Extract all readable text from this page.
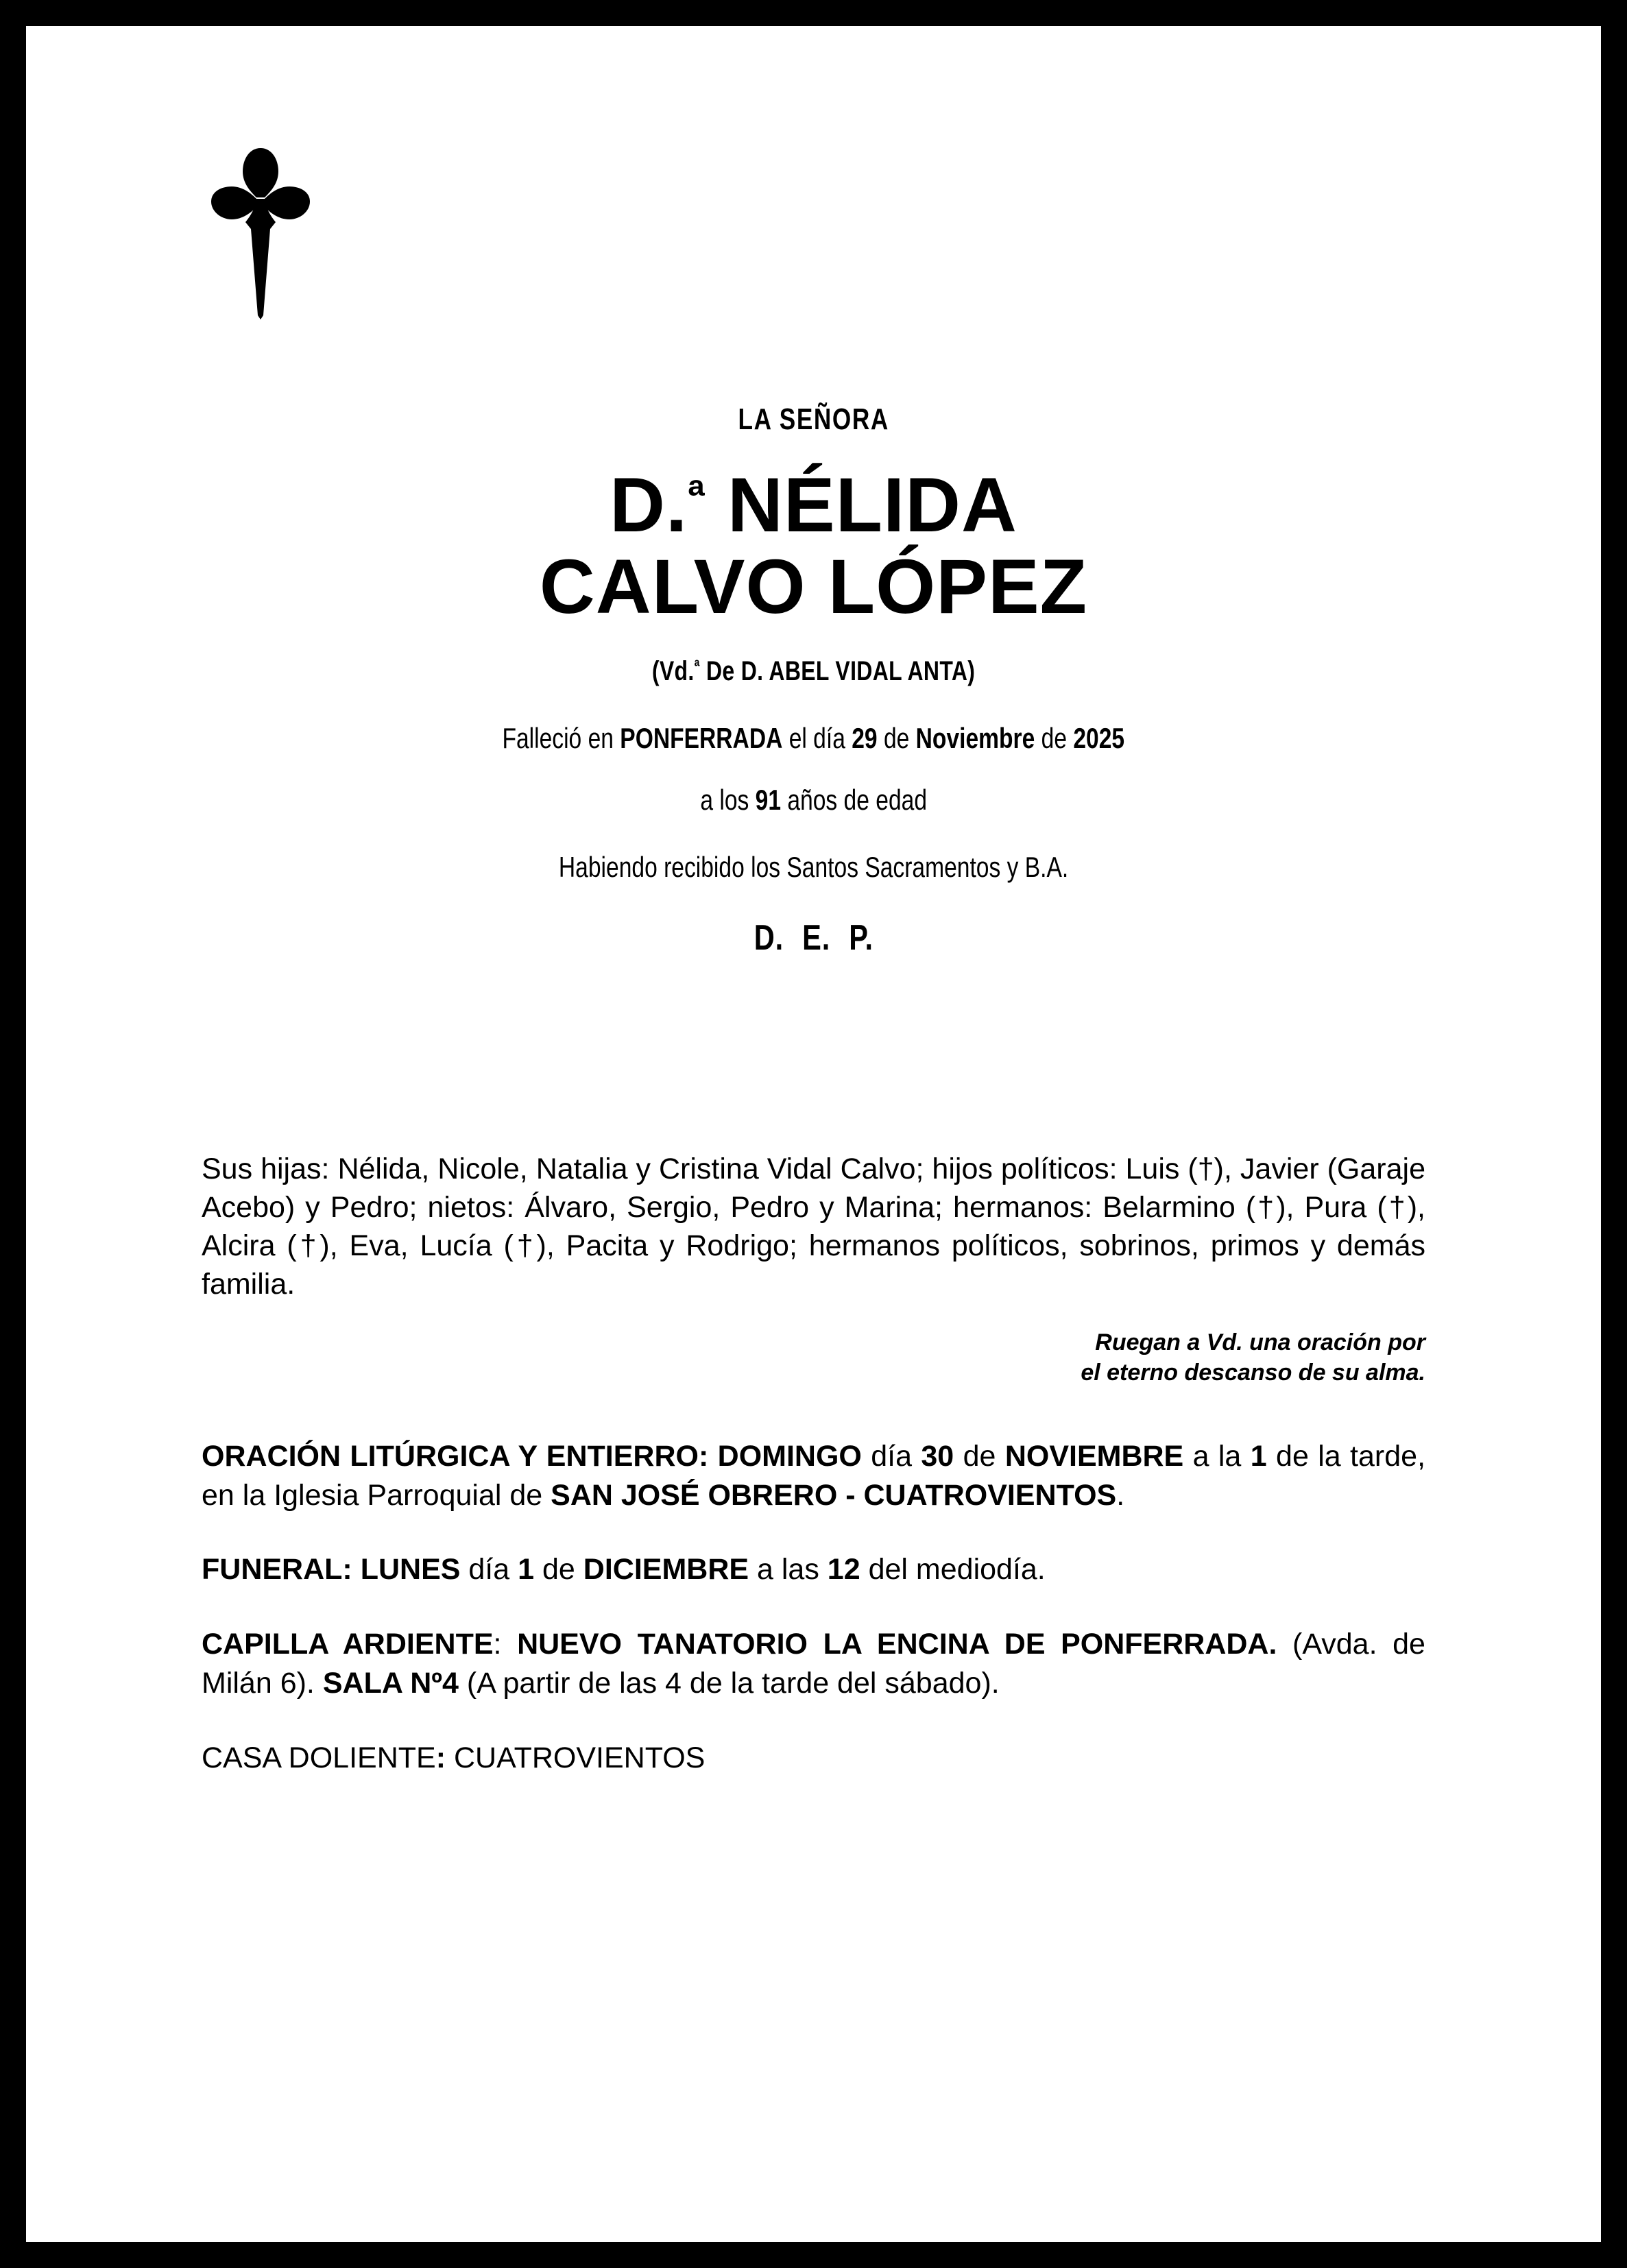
LA SEÑORA
D.$^ª$ NÉLIDA
CALVO LÓPEZ
(Vd.$^ª$ De D. ABEL VIDAL ANTA)
Falleció en PONFERRADA el día 29 de Noviembre de 2025
a los 91 años de edad
Habiendo recibido los Santos Sacramentos y B.A.
D. E. P.
Sus hijas: Nélida, Nicole, Natalia y Cristina Vidal Calvo; hijos políticos: Luis (†), Javier (Garaje Acebo) y Pedro; nietos: Álvaro, Sergio, Pedro y Marina; hermanos: Belarmino (†), Pura (†), Alcira (†), Eva, Lucía (†), Pacita y Rodrigo; hermanos políticos, sobrinos, primos y demás familia.
Ruegan a Vd. una oración por
el eterno descanso de su alma.
ORACIÓN LITÚRGICA Y ENTIERRO: DOMINGO día 30 de NOVIEMBRE a la 1 de la tarde, en la Iglesia Parroquial de SAN JOSÉ OBRERO - CUATROVIENTOS.
FUNERAL: LUNES día 1 de DICIEMBRE a las 12 del mediodía.
CAPILLA ARDIENTE: NUEVO TANATORIO LA ENCINA DE PONFERRADA. (Avda. de Milán 6). SALA Nº4 (A partir de las 4 de la tarde del sábado).
CASA DOLIENTE: CUATROVIENTOS
